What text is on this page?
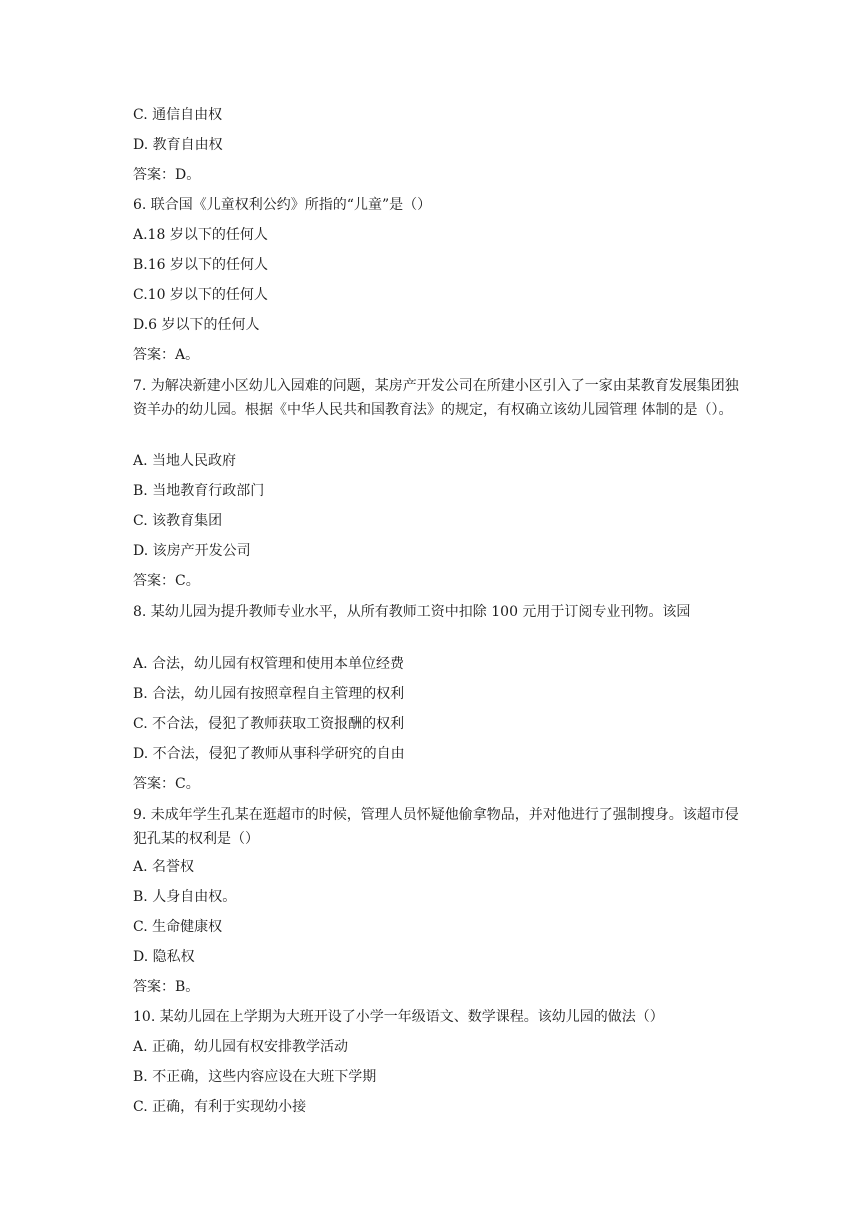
C. 通信自由权
D. 教育自由权
答案：D。
6. 联合国《儿童权利公约》所指的“儿童”是（）
A.18 岁以下的任何人
B.16 岁以下的任何人
C.10 岁以下的任何人
D.6 岁以下的任何人
答案：A。
7. 为解决新建小区幼儿入园难的问题，某房产开发公司在所建小区引入了一家由某教育发展集团独资羊办的幼儿园。根据《中华人民共和国教育法》的规定，有权确立该幼儿园管理 体制的是（）。
A. 当地人民政府
B. 当地教育行政部门
C. 该教育集团
D. 该房产开发公司
答案：C。
8. 某幼儿园为提升教师专业水平，从所有教师工资中扣除 100 元用于订阅专业刊物。该园
A. 合法，幼儿园有权管理和使用本单位经费
B. 合法，幼儿园有按照章程自主管理的权利
C. 不合法，侵犯了教师获取工资报酬的权利
D. 不合法，侵犯了教师从事科学研究的自由
答案：C。
9. 未成年学生孔某在逛超市的时候，管理人员怀疑他偷拿物品，并对他进行了强制搜身。该超市侵犯孔某的权利是（）
A. 名誉权
B. 人身自由权。
C. 生命健康权
D. 隐私权
答案：B。
10. 某幼儿园在上学期为大班开设了小学一年级语文、数学课程。该幼儿园的做法（）
A. 正确，幼儿园有权安排教学活动
B. 不正确，这些内容应设在大班下学期
C. 正确，有利于实现幼小接
